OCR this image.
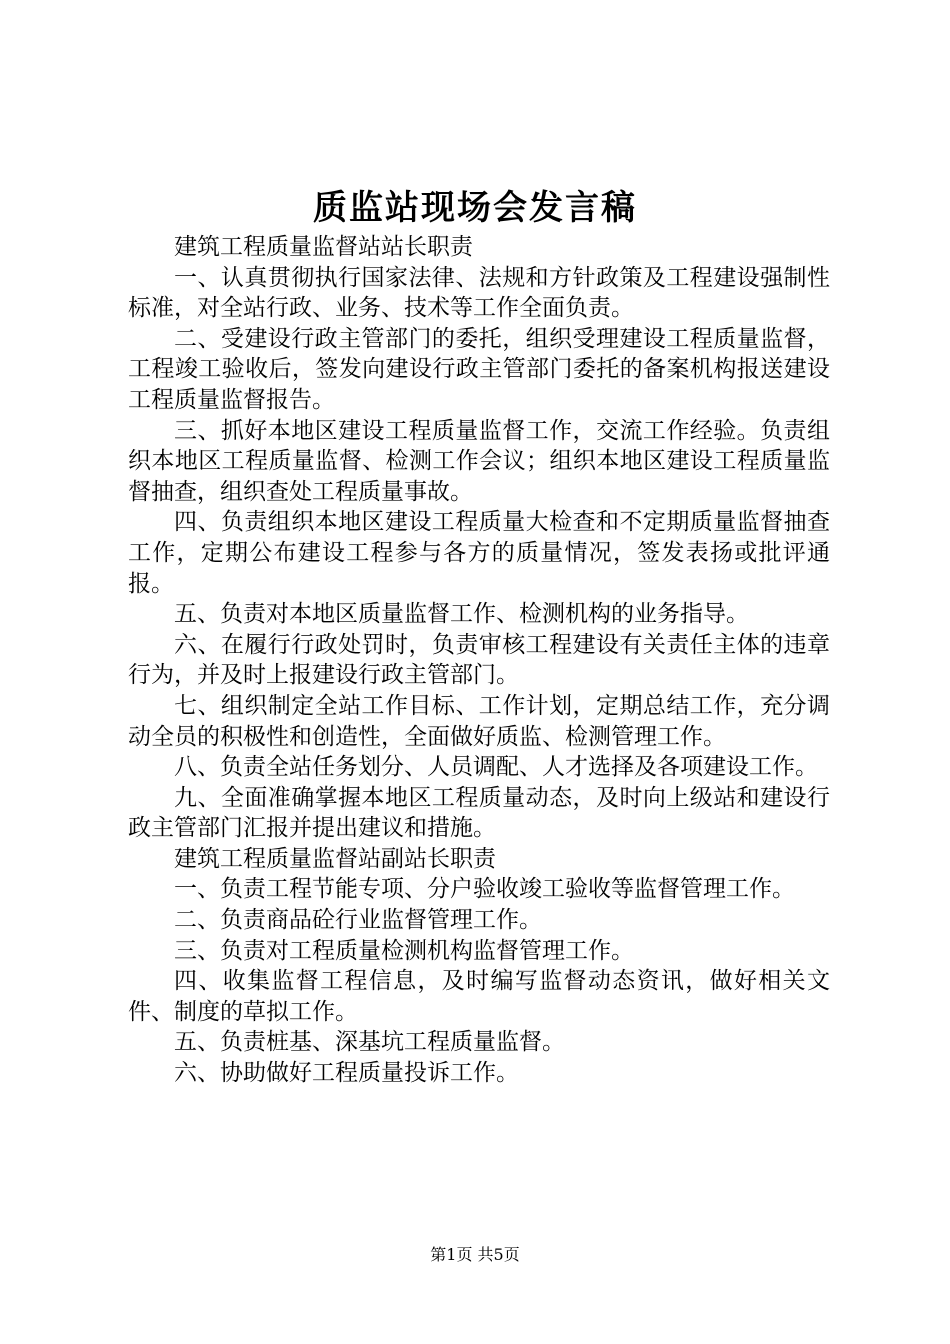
质监站现场会发言稿

建筑工程质量监督站站长职责

一、认真贯彻执行国家法律、法规和方针政策及工程建设强制性标准，对全站行政、业务、技术等工作全面负责。

二、受建设行政主管部门的委托，组织受理建设工程质量监督，工程竣工验收后，签发向建设行政主管部门委托的备案机构报送建设工程质量监督报告。

三、抓好本地区建设工程质量监督工作，交流工作经验。负责组织本地区工程质量监督、检测工作会议；组织本地区建设工程质量监督抽查，组织查处工程质量事故。

四、负责组织本地区建设工程质量大检查和不定期质量监督抽查工作，定期公布建设工程参与各方的质量情况，签发表扬或批评通报。

五、负责对本地区质量监督工作、检测机构的业务指导。

六、在履行行政处罚时，负责审核工程建设有关责任主体的违章行为，并及时上报建设行政主管部门。

七、组织制定全站工作目标、工作计划，定期总结工作，充分调动全员的积极性和创造性，全面做好质监、检测管理工作。

八、负责全站任务划分、人员调配、人才选择及各项建设工作。

九、全面准确掌握本地区工程质量动态，及时向上级站和建设行政主管部门汇报并提出建议和措施。

建筑工程质量监督站副站长职责

一、负责工程节能专项、分户验收竣工验收等监督管理工作。

二、负责商品砼行业监督管理工作。

三、负责对工程质量检测机构监督管理工作。

四、收集监督工程信息，及时编写监督动态资讯，做好相关文件、制度的草拟工作。

五、负责桩基、深基坑工程质量监督。

六、协助做好工程质量投诉工作。

第1页 共5页
